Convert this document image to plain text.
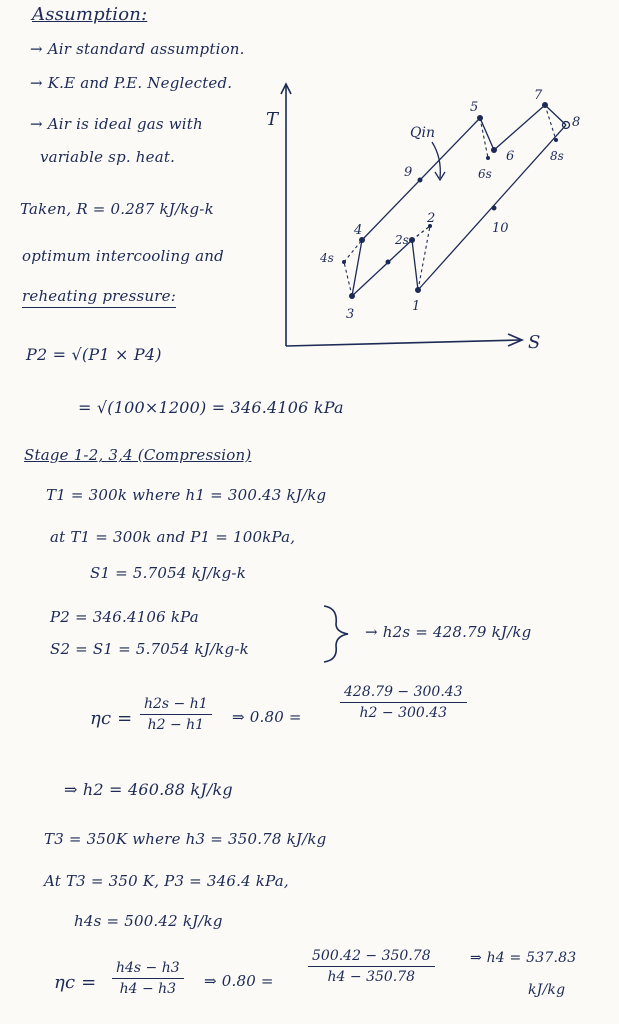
Assumption:
→ Air standard assumption.
→ K.E and P.E. Neglected.
→ Air is ideal gas with
variable sp. heat.
Taken, R = 0.287 kJ/kg-k
optimum intercooling and
reheating pressure:
P2 = √(P1 × P4)
= √(100×1200) = 346.4106 kPa
Stage 1-2, 3,4 (Compression)
T1 = 300k where h1 = 300.43 kJ/kg
at T1 = 300k and P1 = 100kPa,
S1 = 5.7054 kJ/kg-k
P2 = 346.4106 kPa
S2 = S1 = 5.7054 kJ/kg-k
→ h2s = 428.79 kJ/kg
$\eta c = \frac{h2s - h1}{h2 - h1}$ ⇒ 0.80 =	$\frac{428.79 - 300.43}{h2 - 300.43}$
⇒ h2 = 460.88 kJ/kg
T3 = 350K where h3 = 350.78 kJ/kg
At T3 = 350 K, P3 = 346.4 kPa,
h4s = 500.42 kJ/kg
$\eta c = \frac{h4s - h3}{h4 - h3}$ ⇒ $0.80 = \frac{500.42 - 350.78}{h4 - 350.78}$	⇒ h4 = 537.83
kJ/kg
T
S
Qin
1
2
2s
3
4
4s
5
6
6s
7
8
8s
9
10
